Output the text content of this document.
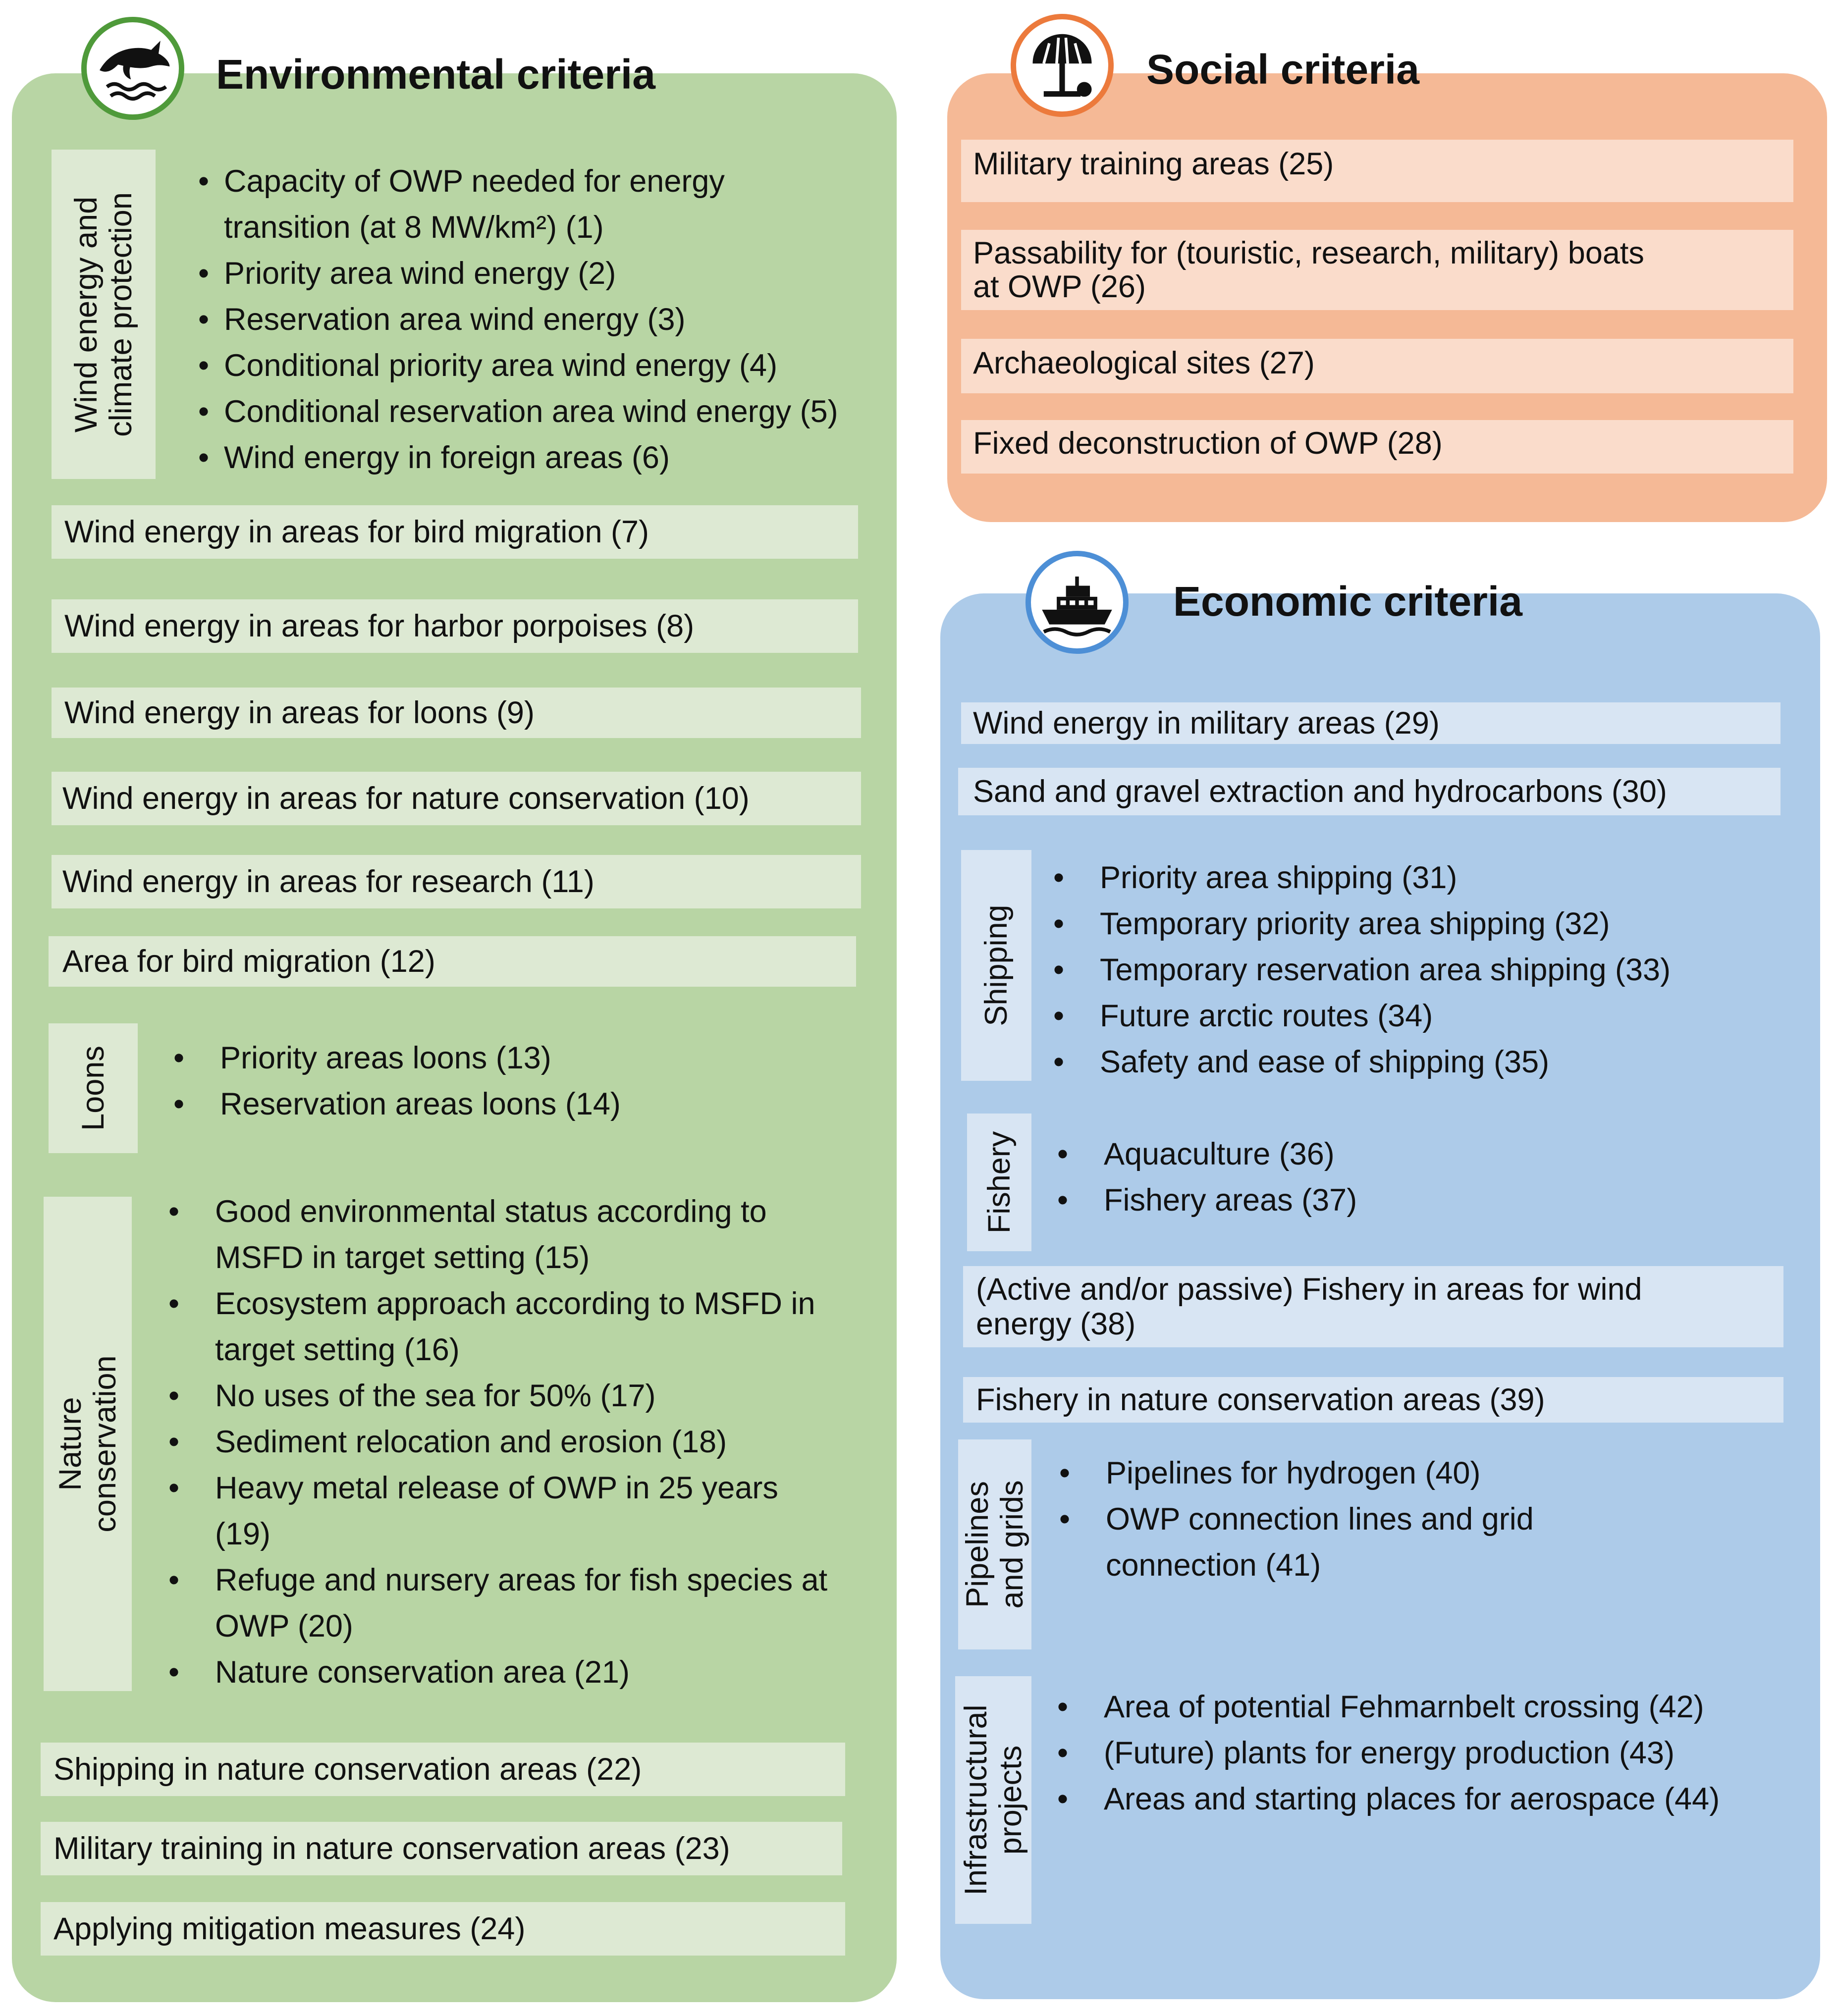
Environmental criteria
Wind energy and climate protection
• Capacity of OWP needed for energy
transition (at 8 MW/km²) (1)
• Priority area wind energy (2)
• Reservation area wind energy (3)
• Conditional priority area wind energy (4)
• Conditional reservation area wind energy (5)
• Wind energy in foreign areas (6)
Wind energy in areas for bird migration (7)
Wind energy in areas for harbor porpoises (8)
Wind energy in areas for loons (9)
Wind energy in areas for nature conservation (10)
Wind energy in areas for research (11)
Area for bird migration (12)
Loons	• Priority areas loons (13)
• Reservation areas loons (14)
Nature conservation
• Good environmental status according to
MSFD in target setting (15)
• Ecosystem approach according to MSFD in
target setting (16)
• No uses of the sea for 50% (17)
• Sediment relocation and erosion (18)
• Heavy metal release of OWP in 25 years
(19)
• Refuge and nursery areas for fish species at
OWP (20)
• Nature conservation area (21)
Shipping in nature conservation areas (22)
Military training in nature conservation areas (23)
Applying mitigation measures (24)
Social criteria
Military training areas (25)
Passability for (touristic, research, military) boats
at OWP (26)
Archaeological sites (27)
Fixed deconstruction of OWP (28)
Economic criteria
Wind energy in military areas (29)
Sand and gravel extraction and hydrocarbons (30)
Shipping
• Priority area shipping (31)
• Temporary priority area shipping (32)
• Temporary reservation area shipping (33)
• Future arctic routes (34)
• Safety and ease of shipping (35)
Fishery	• Aquaculture (36)
• Fishery areas (37)
(Active and/or passive) Fishery in areas for wind
energy (38)
Fishery in nature conservation areas (39)
Pipelines and grids
• Pipelines for hydrogen (40)
• OWP connection lines and grid
connection (41)
Infrastructural projects
• Area of potential Fehmarnbelt crossing (42)
• (Future) plants for energy production (43)
• Areas and starting places for aerospace (44)
